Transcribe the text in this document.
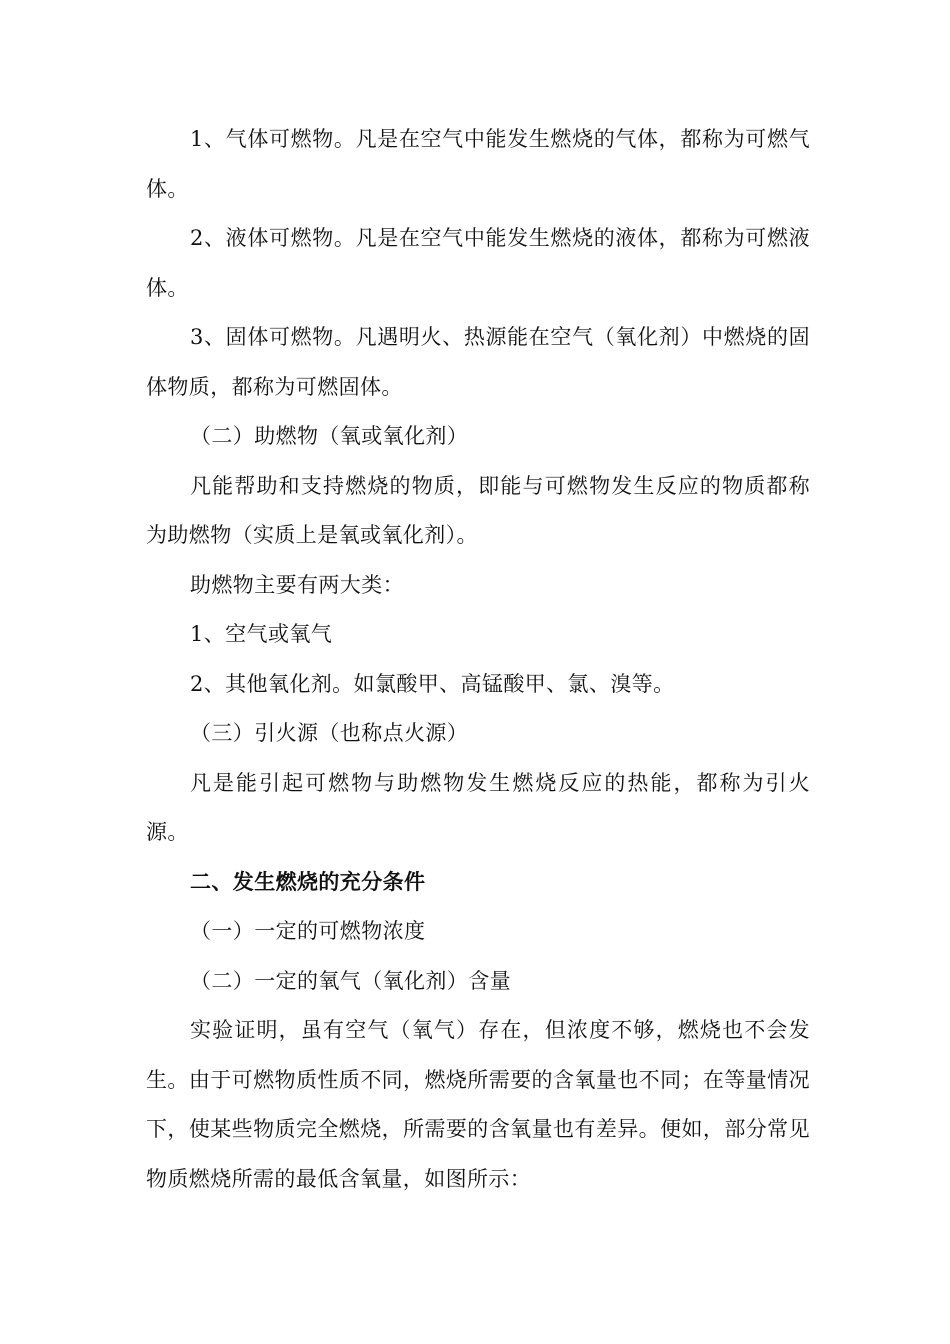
1、气体可燃物。凡是在空气中能发生燃烧的气体，都称为可燃气体。

2、液体可燃物。凡是在空气中能发生燃烧的液体，都称为可燃液体。

3、固体可燃物。凡遇明火、热源能在空气（氧化剂）中燃烧的固体物质，都称为可燃固体。

（二）助燃物（氧或氧化剂）

凡能帮助和支持燃烧的物质，即能与可燃物发生反应的物质都称为助燃物（实质上是氧或氧化剂）。

助燃物主要有两大类：

1、空气或氧气

2、其他氧化剂。如氯酸甲、高锰酸甲、氯、溴等。

（三）引火源（也称点火源）

凡是能引起可燃物与助燃物发生燃烧反应的热能，都称为引火源。

二、发生燃烧的充分条件

（一）一定的可燃物浓度

（二）一定的氧气（氧化剂）含量

实验证明，虽有空气（氧气）存在，但浓度不够，燃烧也不会发生。由于可燃物质性质不同，燃烧所需要的含氧量也不同；在等量情况下，使某些物质完全燃烧，所需要的含氧量也有差异。便如，部分常见物质燃烧所需的最低含氧量，如图所示：
